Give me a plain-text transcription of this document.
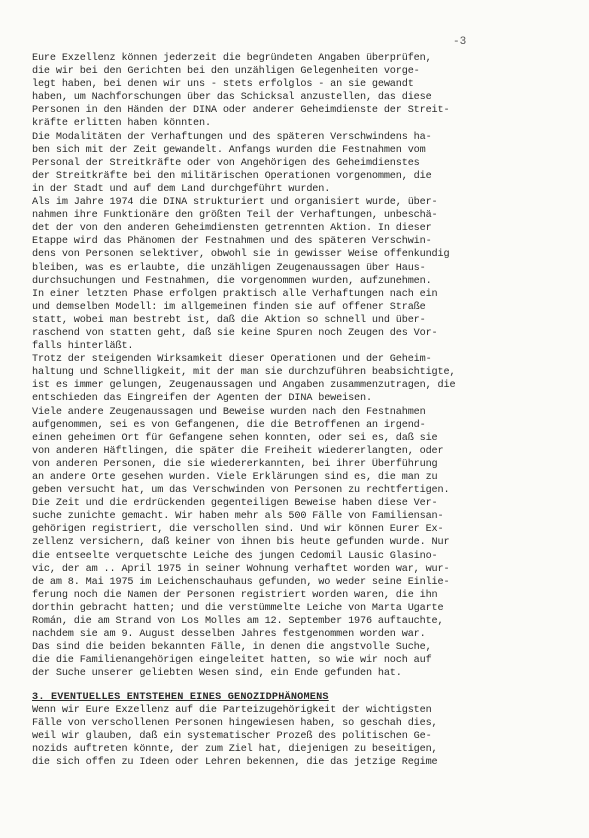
-3
Eure Exzellenz können jederzeit die begründeten Angaben überprüfen,
die wir bei den Gerichten bei den unzähligen Gelegenheiten vorge-
legt haben, bei denen wir uns - stets erfolglos - an sie gewandt
haben, um Nachforschungen über das Schicksal anzustellen, das diese
Personen in den Händen der DINA oder anderer Geheimdienste der Streit-
kräfte erlitten haben könnten.
Die Modalitäten der Verhaftungen und des späteren Verschwindens ha-
ben sich mit der Zeit gewandelt. Anfangs wurden die Festnahmen vom
Personal der Streitkräfte oder von Angehörigen des Geheimdienstes
der Streitkräfte bei den militärischen Operationen vorgenommen, die
in der Stadt und auf dem Land durchgeführt wurden.
Als im Jahre 1974 die DINA strukturiert und organisiert wurde, über-
nahmen ihre Funktionäre den größten Teil der Verhaftungen, unbeschä-
det der von den anderen Geheimdiensten getrennten Aktion. In dieser
Etappe wird das Phänomen der Festnahmen und des späteren Verschwin-
dens von Personen selektiver, obwohl sie in gewisser Weise offenkundig
bleiben, was es erlaubte, die unzähligen Zeugenaussagen über Haus-
durchsuchungen und Festnahmen, die vorgenommen wurden, aufzunehmen.
In einer letzten Phase erfolgen praktisch alle Verhaftungen nach ein
und demselben Modell: im allgemeinen finden sie auf offener Straße
statt, wobei man bestrebt ist, daß die Aktion so schnell und über-
raschend von statten geht, daß sie keine Spuren noch Zeugen des Vor-
falls hinterläßt.
Trotz der steigenden Wirksamkeit dieser Operationen und der Geheim-
haltung und Schnelligkeit, mit der man sie durchzuführen beabsichtigte,
ist es immer gelungen, Zeugenaussagen und Angaben zusammenzutragen, die
entschieden das Eingreifen der Agenten der DINA beweisen.
Viele andere Zeugenaussagen und Beweise wurden nach den Festnahmen
aufgenommen, sei es von Gefangenen, die die Betroffenen an irgend-
einen geheimen Ort für Gefangene sehen konnten, oder sei es, daß sie
von anderen Häftlingen, die später die Freiheit wiedererlangten, oder
von anderen Personen, die sie wiedererkannten, bei ihrer Überführung
an andere Orte gesehen wurden. Viele Erklärungen sind es, die man zu
geben versucht hat, um das Verschwinden von Personen zu rechtfertigen.
Die Zeit und die erdrückenden gegenteiligen Beweise haben diese Ver-
suche zunichte gemacht. Wir haben mehr als 500 Fälle von Familiensan-
gehörigen registriert, die verschollen sind. Und wir können Eurer Ex-
zellenz versichern, daß keiner von ihnen bis heute gefunden wurde. Nur
die entseelte verquetschte Leiche des jungen Cedomil Lausic Glasino-
vic, der am .. April 1975 in seiner Wohnung verhaftet worden war, wur-
de am 8. Mai 1975 im Leichenschauhaus gefunden, wo weder seine Einlie-
ferung noch die Namen der Personen registriert worden waren, die ihn
dorthin gebracht hatten; und die verstümmelte Leiche von Marta Ugarte
Román, die am Strand von Los Molles am 12. September 1976 auftauchte,
nachdem sie am 9. August desselben Jahres festgenommen worden war.
Das sind die beiden bekannten Fälle, in denen die angstvolle Suche,
die die Familienangehörigen eingeleitet hatten, so wie wir noch auf
der Suche unserer geliebten Wesen sind, ein Ende gefunden hat.
3. EVENTUELLES ENTSTEHEN EINES GENOZIDPHÄNOMENS
Wenn wir Eure Exzellenz auf die Parteizugehörigkeit der wichtigsten
Fälle von verschollenen Personen hingewiesen haben, so geschah dies,
weil wir glauben, daß ein systematischer Prozeß des politischen Ge-
nozids auftreten könnte, der zum Ziel hat, diejenigen zu beseitigen,
die sich offen zu Ideen oder Lehren bekennen, die das jetzige Regime
